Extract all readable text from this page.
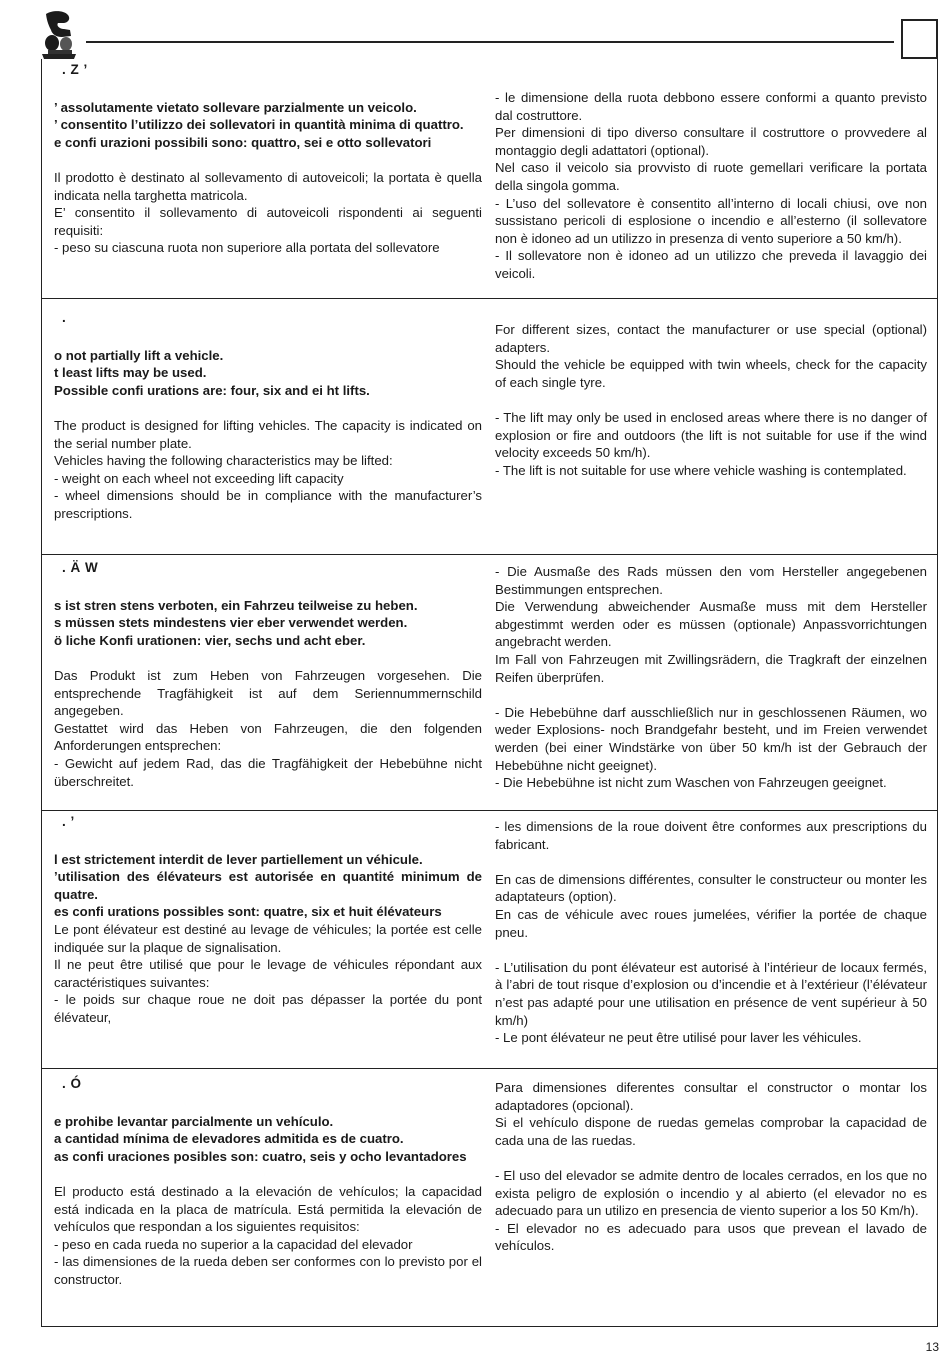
. Z ’
’ assolutamente vietato sollevare parzialmente un veicolo.
’ consentito l’utilizzo dei sollevatori in quantità minima di quattro.
e confi urazioni possibili sono: quattro, sei e otto sollevatori
Il prodotto è destinato al sollevamento di autoveicoli; la portata è quella indicata nella targhetta matricola.
E’ consentito il sollevamento di autoveicoli rispondenti ai seguenti requisiti:
- peso su ciascuna ruota non superiore alla portata del sollevatore
- le dimensione della ruota debbono essere conformi a quanto previsto dal costruttore.
Per dimensioni di tipo diverso consultare il costruttore o provvedere al montaggio degli adattatori (optional).
Nel caso il veicolo sia provvisto di ruote gemellari verificare la portata della singola gomma.
- L’uso del sollevatore è consentito all’interno di locali chiusi, ove non sussistano pericoli di esplosione o incendio e all’esterno (il sollevatore non è idoneo ad un utilizzo in presenza di vento superiore a 50 km/h).
- Il sollevatore non è idoneo ad un utilizzo che preveda il lavaggio dei veicoli.
.
o not partially lift a vehicle.
t least lifts may be used.
Possible confi urations are: four, six and ei ht lifts.
The product is designed for lifting vehicles. The capacity is indicated on the serial number plate.
Vehicles having the following characteristics may be lifted:
- weight on each wheel not exceeding lift capacity
- wheel dimensions should be in compliance with the manufacturer’s prescriptions.
For different sizes, contact the manufacturer or use special (optional) adapters.
Should the vehicle be equipped with twin wheels, check for the capacity of each single tyre.
- The lift may only be used in enclosed areas where there is no danger of explosion or fire and outdoors (the lift is not suitable for use if the wind velocity exceeds 50 km/h).
- The lift is not suitable for use where vehicle washing is contemplated.
. Ä W
s ist stren stens verboten, ein Fahrzeu teilweise zu heben.
s müssen stets mindestens vier eber verwendet werden.
ö liche Konfi urationen: vier, sechs und acht eber.
Das Produkt ist zum Heben von Fahrzeugen vorgesehen. Die entsprechende Tragfähigkeit ist auf dem Seriennummernschild angegeben.
Gestattet wird das Heben von Fahrzeugen, die den folgenden Anforderungen entsprechen:
- Gewicht auf jedem Rad, das die Tragfähigkeit der Hebebühne nicht überschreitet.
- Die Ausmaße des Rads müssen den vom Hersteller angegebenen Bestimmungen entsprechen.
Die Verwendung abweichender Ausmaße muss mit dem Hersteller abgestimmt werden oder es müssen (optionale) Anpassvorrichtungen angebracht werden.
Im Fall von Fahrzeugen mit Zwillingsrädern, die Tragkraft der einzelnen Reifen überprüfen.
- Die Hebebühne darf ausschließlich nur in geschlossenen Räumen, wo weder Explosions- noch Brandgefahr besteht, und im Freien verwendet werden (bei einer Windstärke von über 50 km/h ist der Gebrauch der Hebebühne nicht geeignet).
- Die Hebebühne ist nicht zum Waschen von Fahrzeugen geeignet.
. ’
l est strictement interdit de lever partiellement un véhicule.
’utilisation des élévateurs est autorisée en quantité minimum de quatre.
es confi urations possibles sont: quatre, six et huit élévateurs
Le pont élévateur est destiné au levage de véhicules; la portée est celle indiquée sur la plaque de signalisation.
Il ne peut être utilisé que pour le levage de véhicules répondant aux caractéristiques suivantes:
- le poids sur chaque roue ne doit pas dépasser la portée du pont élévateur,
- les dimensions de la roue doivent être conformes aux prescriptions du fabricant.
En cas de dimensions différentes, consulter le constructeur ou monter les adaptateurs (option).
En cas de véhicule avec roues jumelées, vérifier la portée de chaque pneu.
- L’utilisation du pont élévateur est autorisé à l’intérieur de locaux fermés, à l’abri de tout risque d’explosion ou d’incendie et à l’extérieur (l’élévateur n’est pas adapté pour une utilisation en présence de vent supérieur à 50 km/h)
- Le pont élévateur ne peut être utilisé pour laver les véhicules.
. Ó
e prohibe levantar parcialmente un vehículo.
a cantidad mínima de elevadores admitida es de cuatro.
as confi uraciones posibles son: cuatro, seis y ocho levantadores
El producto está destinado a la elevación de vehículos; la capacidad está indicada en la placa de matrícula. Está permitida la elevación de vehículos que respondan a los siguientes requisitos:
- peso en cada rueda no superior a la capacidad del elevador
- las dimensiones de la rueda deben ser conformes con lo previsto por el constructor.
Para dimensiones diferentes consultar el constructor o montar los adaptadores (opcional).
Si el vehículo dispone de ruedas gemelas comprobar la capacidad de cada una de las ruedas.
- El uso del elevador se admite dentro de locales cerrados, en los que no exista peligro de explosión o incendio y al abierto (el elevador no es adecuado para un utilizo en presencia de viento superior a los 50 Km/h).
- El elevador no es adecuado para usos que prevean el lavado de vehículos.
13
